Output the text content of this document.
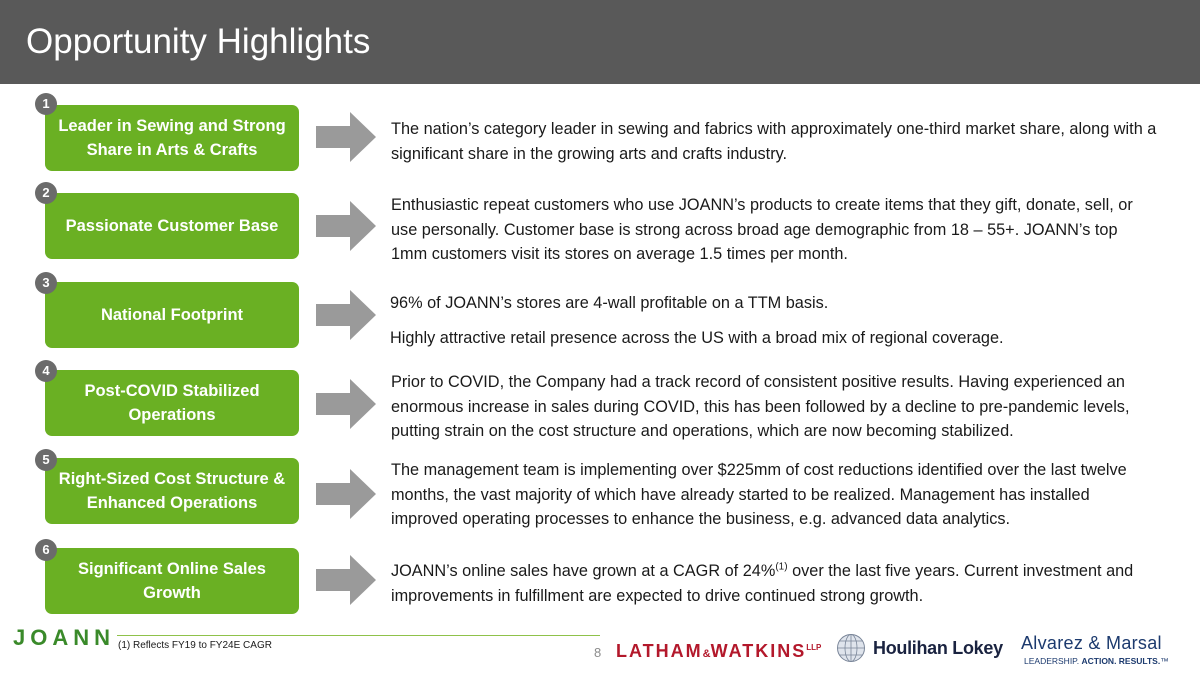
Opportunity Highlights
Leader in Sewing and Strong
Share in Arts & Crafts
1

The nation’s category leader in sewing and fabrics with approximately one-third market share, along with a significant share in the growing arts and crafts industry.

Passionate Customer Base
2

Enthusiastic repeat customers who use JOANN’s products to create items that they gift, donate, sell, or use personally. Customer base is strong across broad age demographic from 18 – 55+. JOANN’s top 1mm customers visit its stores on average 1.5 times per month.

National Footprint
3

96% of JOANN’s stores are 4-wall profitable on a TTM basis.

Highly attractive retail presence across the US with a broad mix of regional coverage.

Post-COVID Stabilized
Operations
4

Prior to COVID, the Company had a track record of consistent positive results. Having experienced an enormous increase in sales during COVID, this has been followed by a decline to pre-pandemic levels, putting strain on the cost structure and operations, which are now becoming stabilized.

Right-Sized Cost Structure &
Enhanced Operations
5

The management team is implementing over $225mm of cost reductions identified over the last twelve months, the vast majority of which have already started to be realized. Management has installed improved operating processes to enhance the business, e.g. advanced data analytics.

Significant Online Sales
Growth
6

JOANN’s online sales have grown at a CAGR of 24%$^{(1)}$ over the last five years. Current investment and improvements in fulfillment are expected to drive continued strong growth.

JOANN (1) Reflects FY19 to FY24E CAGR	8 $LATHAM\&WATKINS^{LLP}$	Houlihan Lokey Alvarez & Marsal
LEADERSHIP. ACTION. RESULTS.™
